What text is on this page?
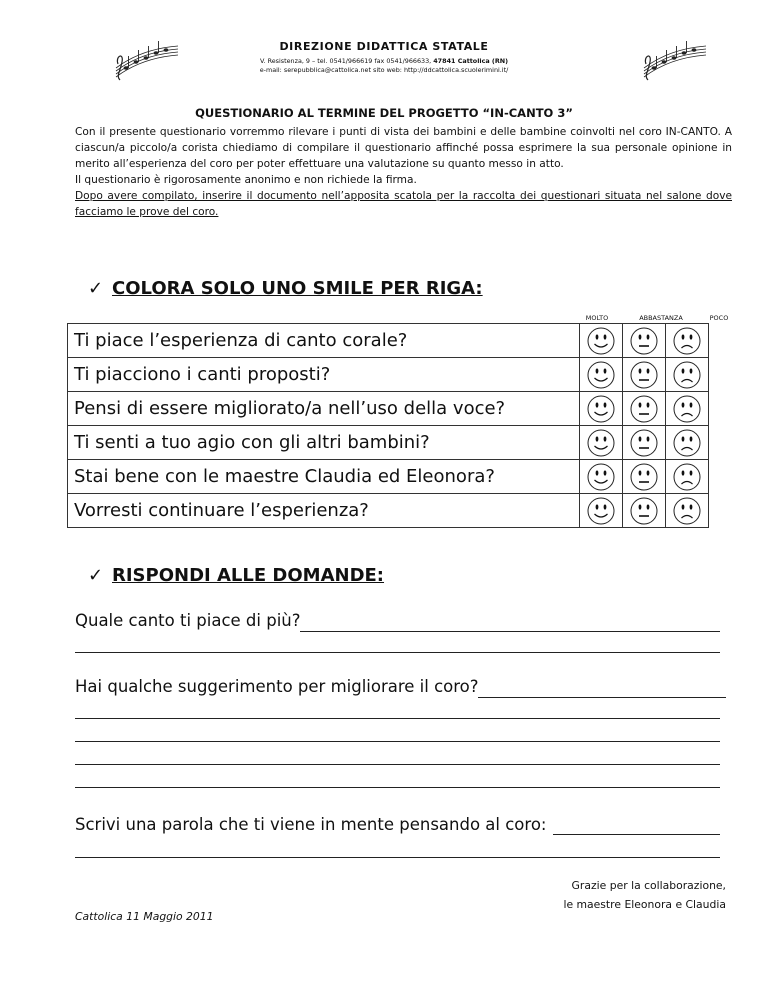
DIREZIONE DIDATTICA STATALE
V. Resistenza, 9 – tel. 0541/966619 fax 0541/966633, 47841 Cattolica (RN)
e-mail: serepubblica@cattolica.net sito web: http://ddcattolica.scuolerimini.it/
QUESTIONARIO AL TERMINE DEL PROGETTO “IN-CANTO 3”

Con il presente questionario vorremmo rilevare i punti di vista dei bambini e delle bambine coinvolti nel coro IN-CANTO. A ciascun/a piccolo/a corista chiediamo di compilare il questionario affinché possa esprimere la sua personale opinione in merito all’esperienza del coro per poter effettuare una valutazione su quanto messo in atto.

Il questionario è rigorosamente anonimo e non richiede la firma.

Dopo avere compilato, inserire il documento nell’apposita scatola per la raccolta dei questionari situata nel salone dove facciamo le prove del coro.

✓ COLORA SOLO UNO SMILE PER RIGA:
MOLTO	ABBASTANZA	POCO
Ti piace l’esperienza di canto corale?	

Ti piacciono i canti proposti?	

Pensi di essere migliorato/a nell’uso della voce?	

Ti senti a tuo agio con gli altri bambini?	

Stai bene con le maestre Claudia ed Eleonora?	

Vorresti continuare l’esperienza?	

✓ RISPONDI ALLE DOMANDE:
Quale canto ti piace di più?
Hai qualche suggerimento per migliorare il coro?
Scrivi una parola che ti viene in mente pensando al coro:
Grazie per la collaborazione,
le maestre Eleonora e Claudia
Cattolica 11 Maggio 2011
